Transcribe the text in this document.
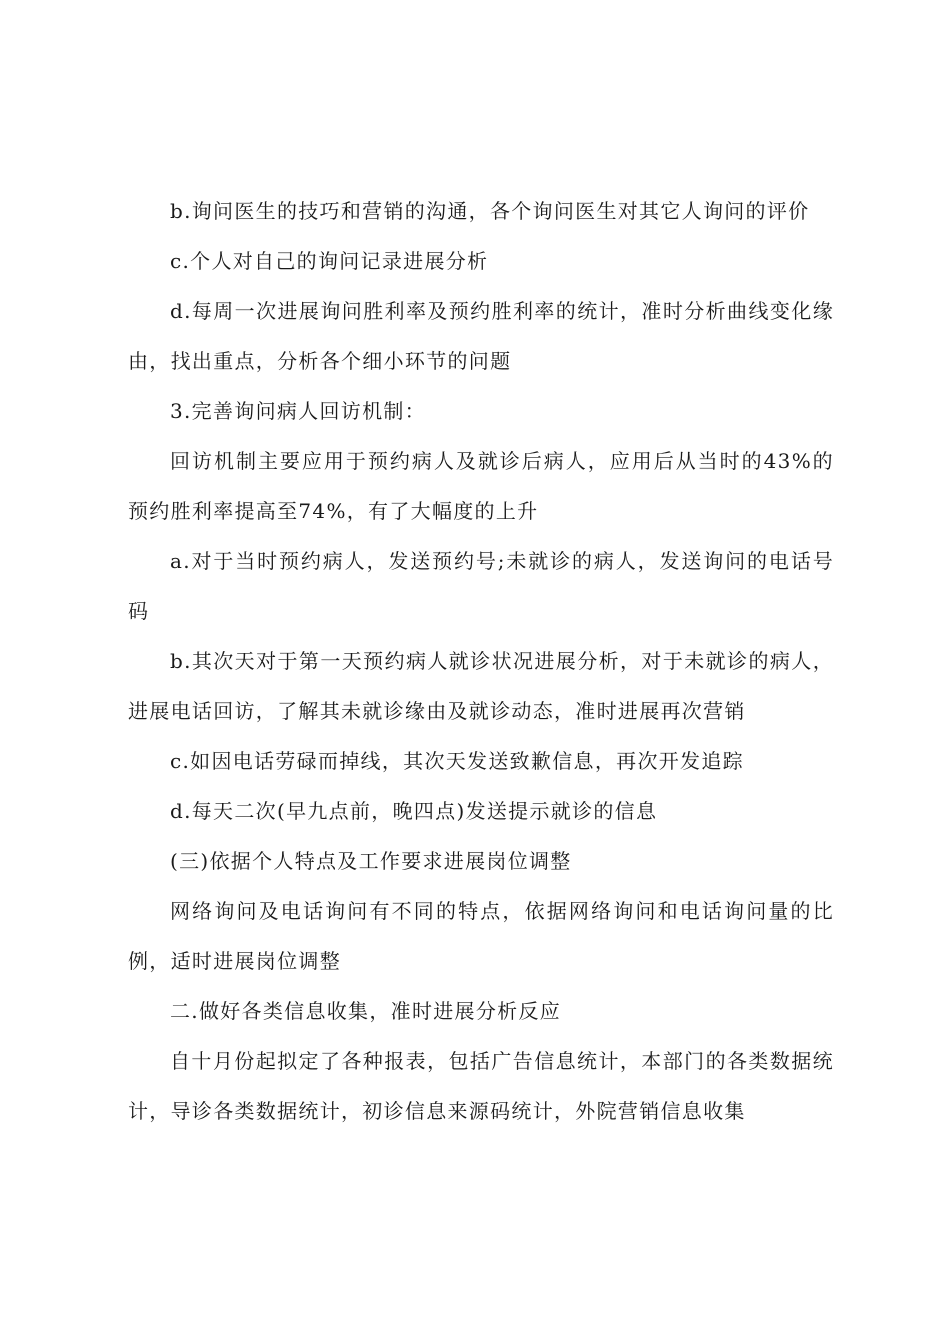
b.询问医生的技巧和营销的沟通，各个询问医生对其它人询问的评价

c.个人对自己的询问记录进展分析

d.每周一次进展询问胜利率及预约胜利率的统计，准时分析曲线变化缘由，找出重点，分析各个细小环节的问题

3.完善询问病人回访机制：

回访机制主要应用于预约病人及就诊后病人，应用后从当时的43%的预约胜利率提高至74%，有了大幅度的上升

a.对于当时预约病人，发送预约号;未就诊的病人，发送询问的电话号码

b.其次天对于第一天预约病人就诊状况进展分析，对于未就诊的病人，进展电话回访，了解其未就诊缘由及就诊动态，准时进展再次营销

c.如因电话劳碌而掉线，其次天发送致歉信息，再次开发追踪

d.每天二次(早九点前，晚四点)发送提示就诊的信息

(三)依据个人特点及工作要求进展岗位调整

网络询问及电话询问有不同的特点，依据网络询问和电话询问量的比例，适时进展岗位调整

二.做好各类信息收集，准时进展分析反应

自十月份起拟定了各种报表，包括广告信息统计，本部门的各类数据统计，导诊各类数据统计，初诊信息来源码统计，外院营销信息收集
